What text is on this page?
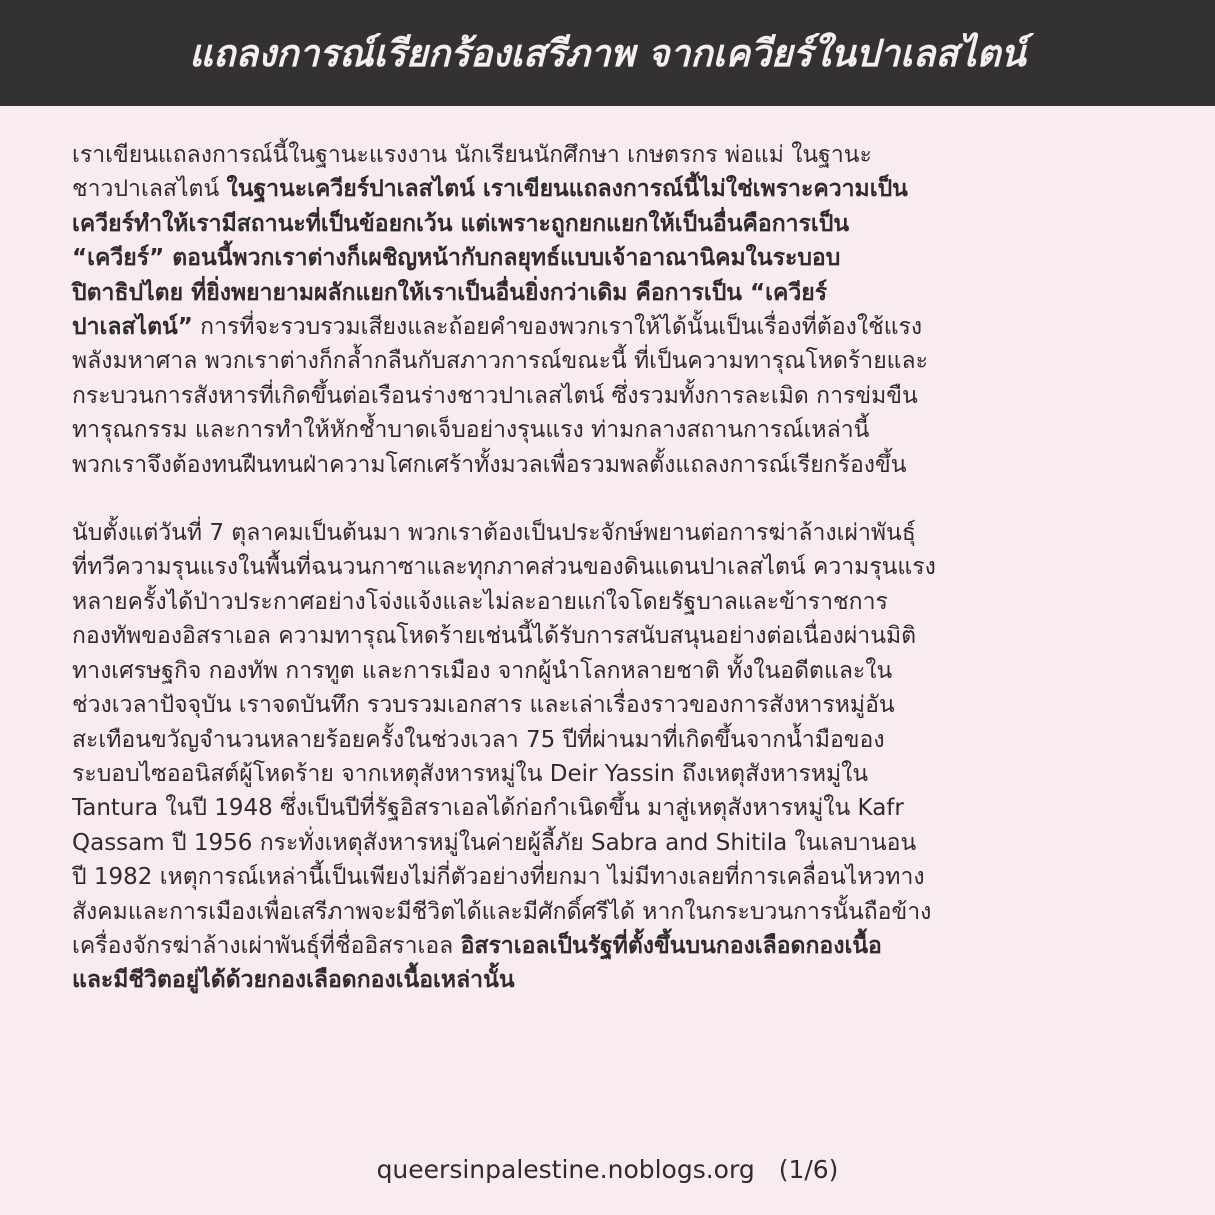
แถลงการณ์เรียกร้องเสรีภาพ จากเควียร์ในปาเลสไตน์
เราเขียนแถลงการณ์นี้ในฐานะแรงงาน นักเรียนนักศึกษา เกษตรกร พ่อแม่ ในฐานะ
ชาวปาเลสไตน์ ในฐานะเควียร์ปาเลสไตน์ เราเขียนแถลงการณ์นี้ไม่ใช่เพราะความเป็น
เควียร์ทำให้เรามีสถานะที่เป็นข้อยกเว้น แต่เพราะถูกยกแยกให้เป็นอื่นคือการเป็น
“เควียร์” ตอนนี้พวกเราต่างก็เผชิญหน้ากับกลยุทธ์แบบเจ้าอาณานิคมในระบอบ
ปิตาธิปไตย ที่ยิ่งพยายามผลักแยกให้เราเป็นอื่นยิ่งกว่าเดิม คือการเป็น “เควียร์
ปาเลสไตน์” การที่จะรวบรวมเสียงและถ้อยคำของพวกเราให้ได้นั้นเป็นเรื่องที่ต้องใช้แรง
พลังมหาศาล พวกเราต่างก็กล้ำกลืนกับสภาวการณ์ขณะนี้ ที่เป็นความทารุณโหดร้ายและ
กระบวนการสังหารที่เกิดขึ้นต่อเรือนร่างชาวปาเลสไตน์ ซึ่งรวมทั้งการละเมิด การข่มขืน
ทารุณกรรม และการทำให้หักช้ำบาดเจ็บอย่างรุนแรง ท่ามกลางสถานการณ์เหล่านี้
พวกเราจึงต้องทนฝืนทนฝ่าความโศกเศร้าทั้งมวลเพื่อรวมพลตั้งแถลงการณ์เรียกร้องขึ้น
นับตั้งแต่วันที่ 7 ตุลาคมเป็นต้นมา พวกเราต้องเป็นประจักษ์พยานต่อการฆ่าล้างเผ่าพันธุ์
ที่ทวีความรุนแรงในพื้นที่ฉนวนกาซาและทุกภาคส่วนของดินแดนปาเลสไตน์ ความรุนแรง
หลายครั้งได้ป่าวประกาศอย่างโจ่งแจ้งและไม่ละอายแก่ใจโดยรัฐบาลและข้าราชการ
กองทัพของอิสราเอล ความทารุณโหดร้ายเช่นนี้ได้รับการสนับสนุนอย่างต่อเนื่องผ่านมิติ
ทางเศรษฐกิจ กองทัพ การทูต และการเมือง จากผู้นำโลกหลายชาติ ทั้งในอดีตและใน
ช่วงเวลาปัจจุบัน เราจดบันทึก รวบรวมเอกสาร และเล่าเรื่องราวของการสังหารหมู่อัน
สะเทือนขวัญจำนวนหลายร้อยครั้งในช่วงเวลา 75 ปีที่ผ่านมาที่เกิดขึ้นจากน้ำมือของ
ระบอบไซออนิสต์ผู้โหดร้าย จากเหตุสังหารหมู่ใน Deir Yassin ถึงเหตุสังหารหมู่ใน
Tantura ในปี 1948 ซึ่งเป็นปีที่รัฐอิสราเอลได้ก่อกำเนิดขึ้น มาสู่เหตุสังหารหมู่ใน Kafr
Qassam ปี 1956 กระทั่งเหตุสังหารหมู่ในค่ายผู้ลี้ภัย Sabra and Shitila ในเลบานอน
ปี 1982 เหตุการณ์เหล่านี้เป็นเพียงไม่กี่ตัวอย่างที่ยกมา ไม่มีทางเลยที่การเคลื่อนไหวทาง
สังคมและการเมืองเพื่อเสรีภาพจะมีชีวิตได้และมีศักดิ์ศรีได้ หากในกระบวนการนั้นถือข้าง
เครื่องจักรฆ่าล้างเผ่าพันธุ์ที่ชื่ออิสราเอล อิสราเอลเป็นรัฐที่ตั้งขึ้นบนกองเลือดกองเนื้อ
และมีชีวิตอยู่ได้ด้วยกองเลือดกองเนื้อเหล่านั้น
queersinpalestine.noblogs.org (1/6)
